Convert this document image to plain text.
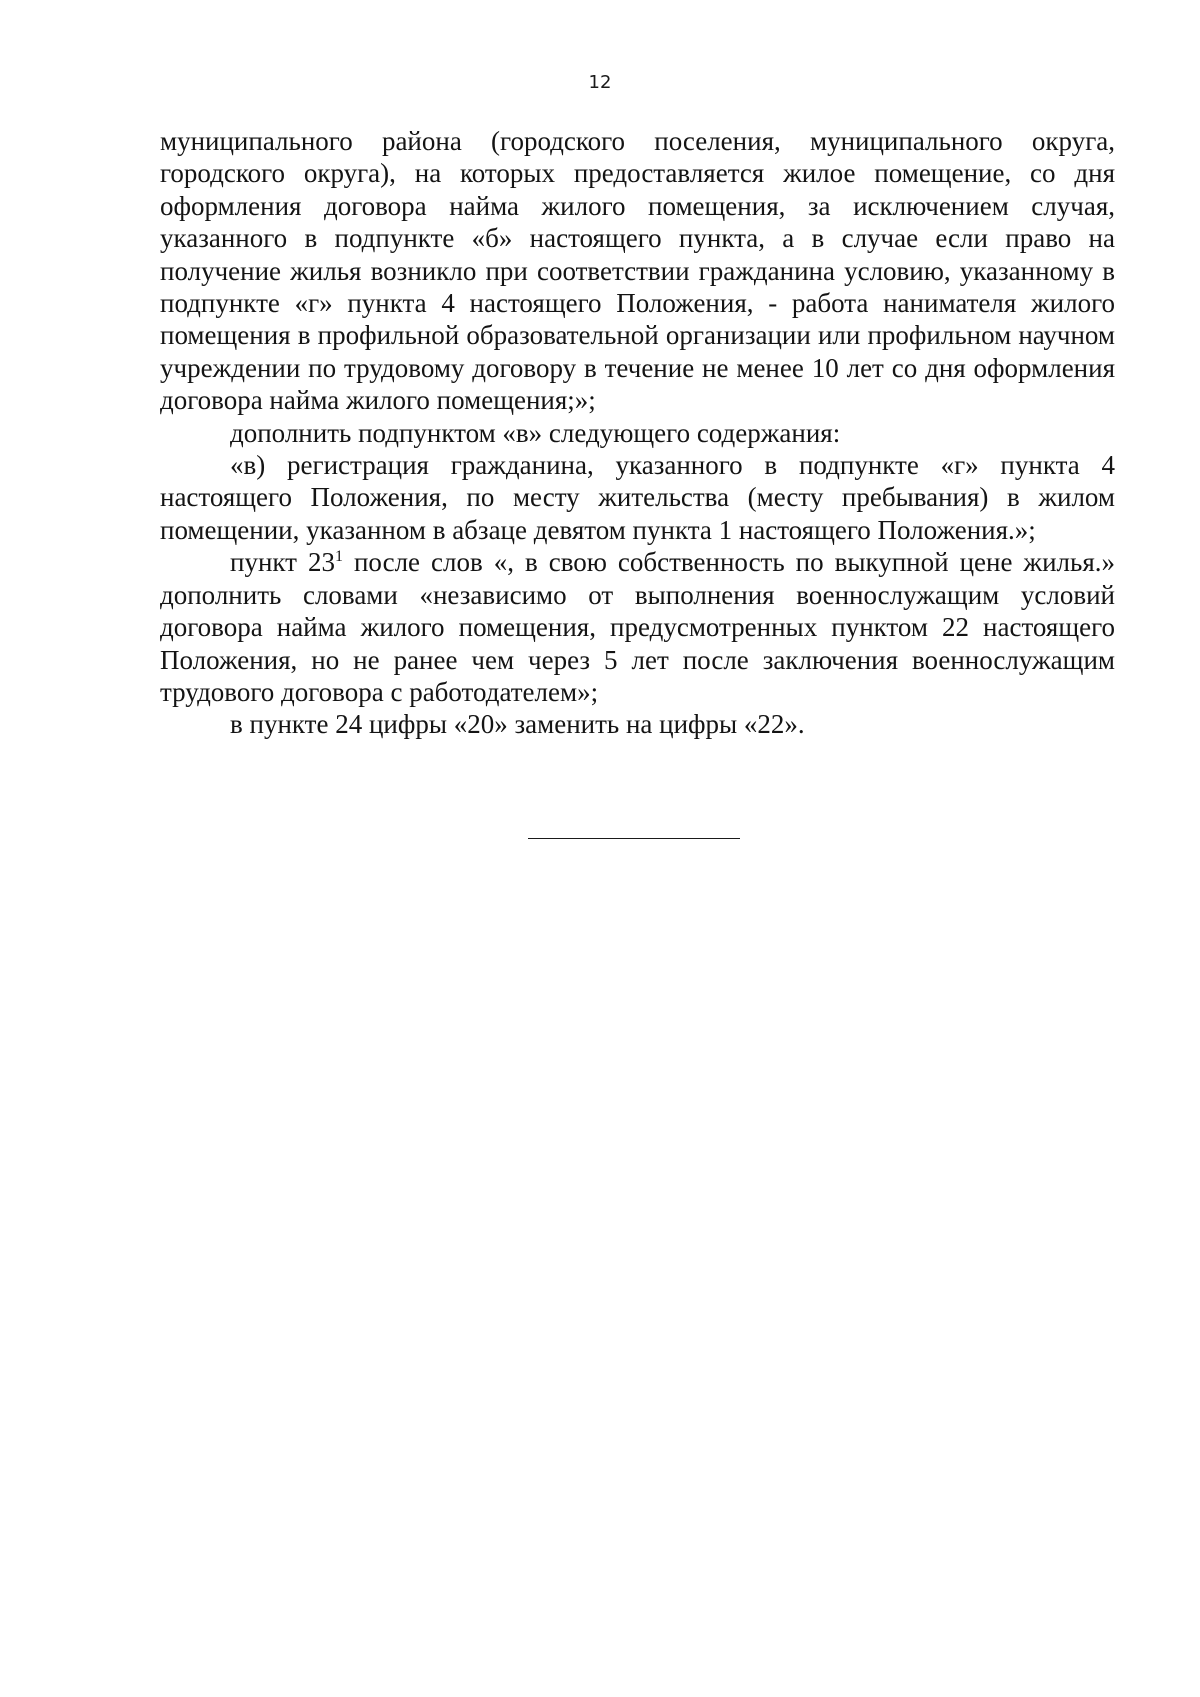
12

муниципального района (городского поселения, муниципального округа, городского округа), на которых предоставляется жилое помещение, со дня оформления договора найма жилого помещения, за исключением случая, указанного в подпункте «б» настоящего пункта, а в случае если право на получение жилья возникло при соответствии гражданина условию, указанному в подпункте «г» пункта 4 настоящего Положения, - работа нанимателя жилого помещения в профильной образовательной организации или профильном научном учреждении по трудовому договору в течение не менее 10 лет со дня оформления договора найма жилого помещения;»;

дополнить подпунктом «в» следующего содержания:

«в) регистрация гражданина, указанного в подпункте «г» пункта 4 настоящего Положения, по месту жительства (месту пребывания) в жилом помещении, указанном в абзаце девятом пункта 1 настоящего Положения.»;

пункт $23^1$ после слов «, в свою собственность по выкупной цене жилья.» дополнить словами «независимо от выполнения военнослужащим условий договора найма жилого помещения, предусмотренных пунктом 22 настоящего Положения, но не ранее чем через 5 лет после заключения военнослужащим трудового договора с работодателем»;

в пункте 24 цифры «20» заменить на цифры «22».
